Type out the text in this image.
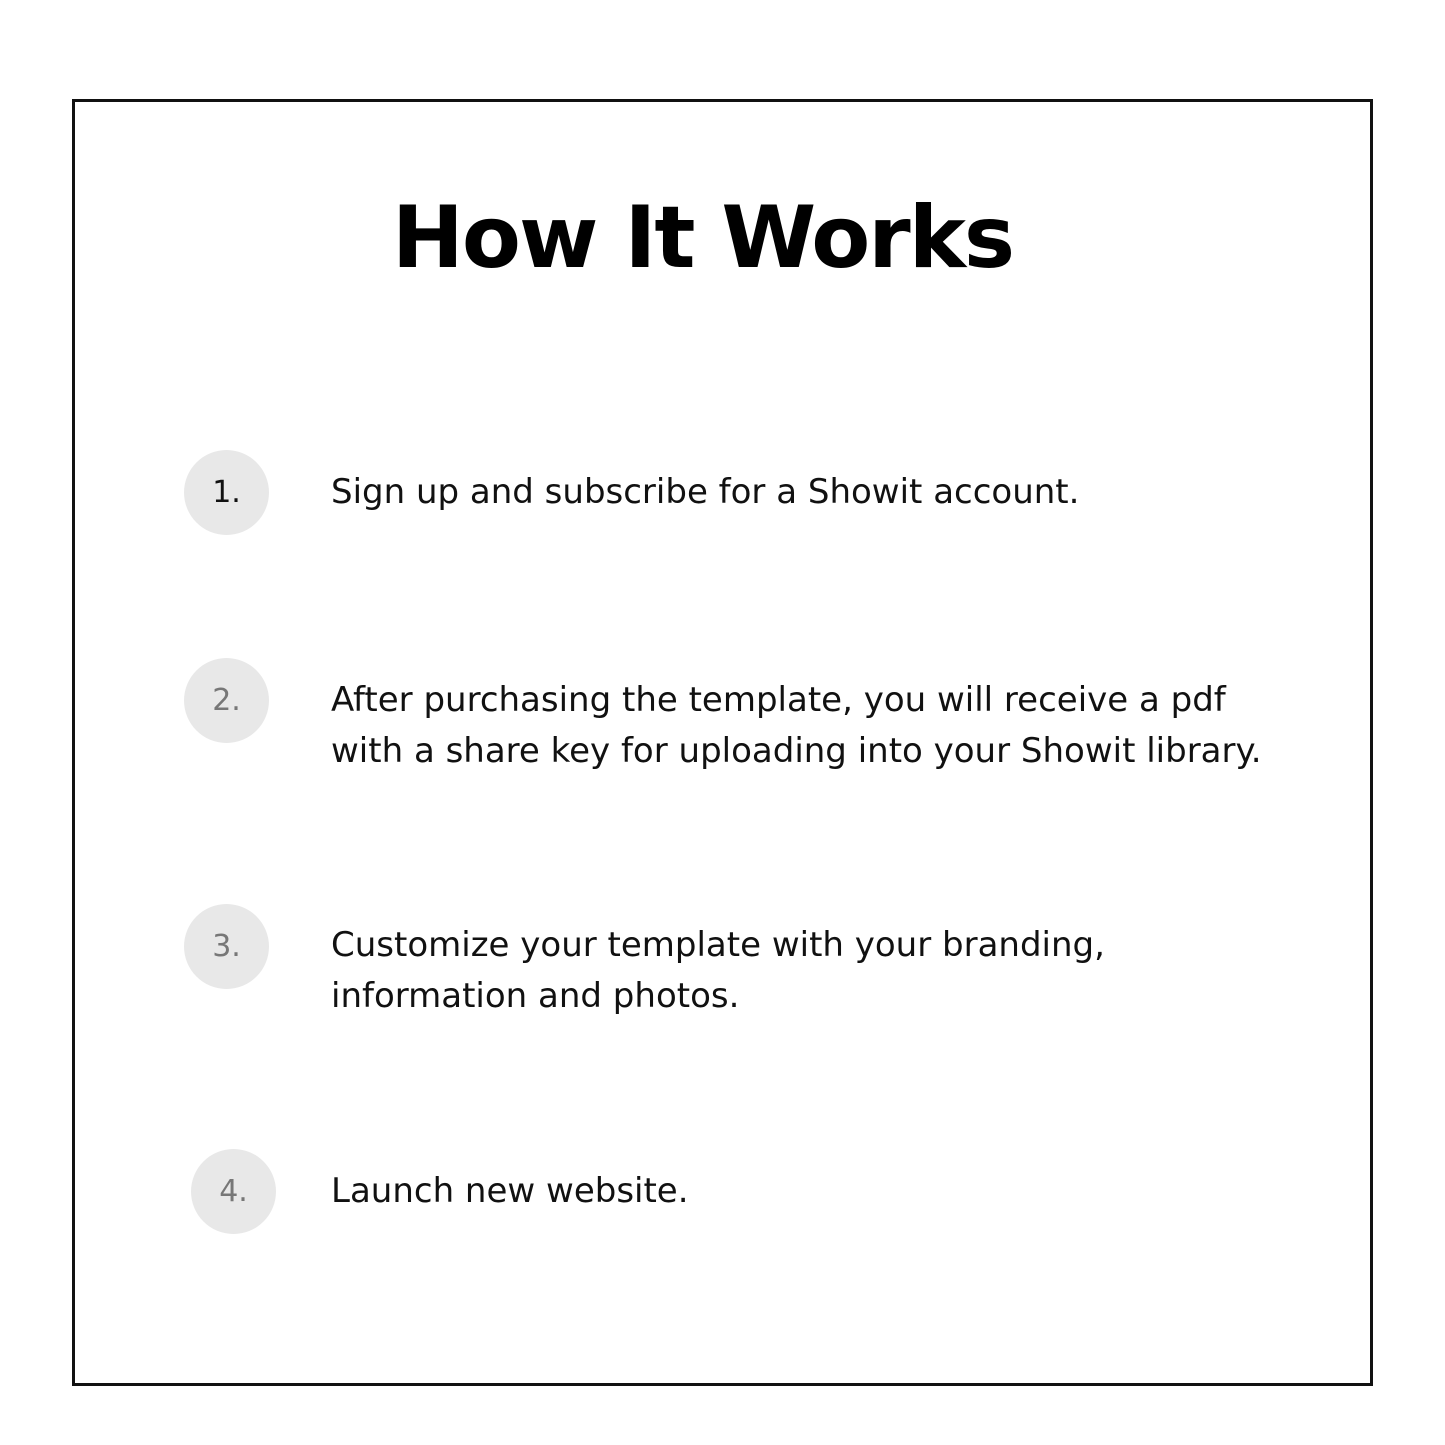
How It Works
1.	Sign up and subscribe for a Showit account.
2.	After purchasing the template, you will receive a pdf with a share key for uploading into your Showit library.
3.	Customize your template with your branding, information and photos.
4.	Launch new website.
